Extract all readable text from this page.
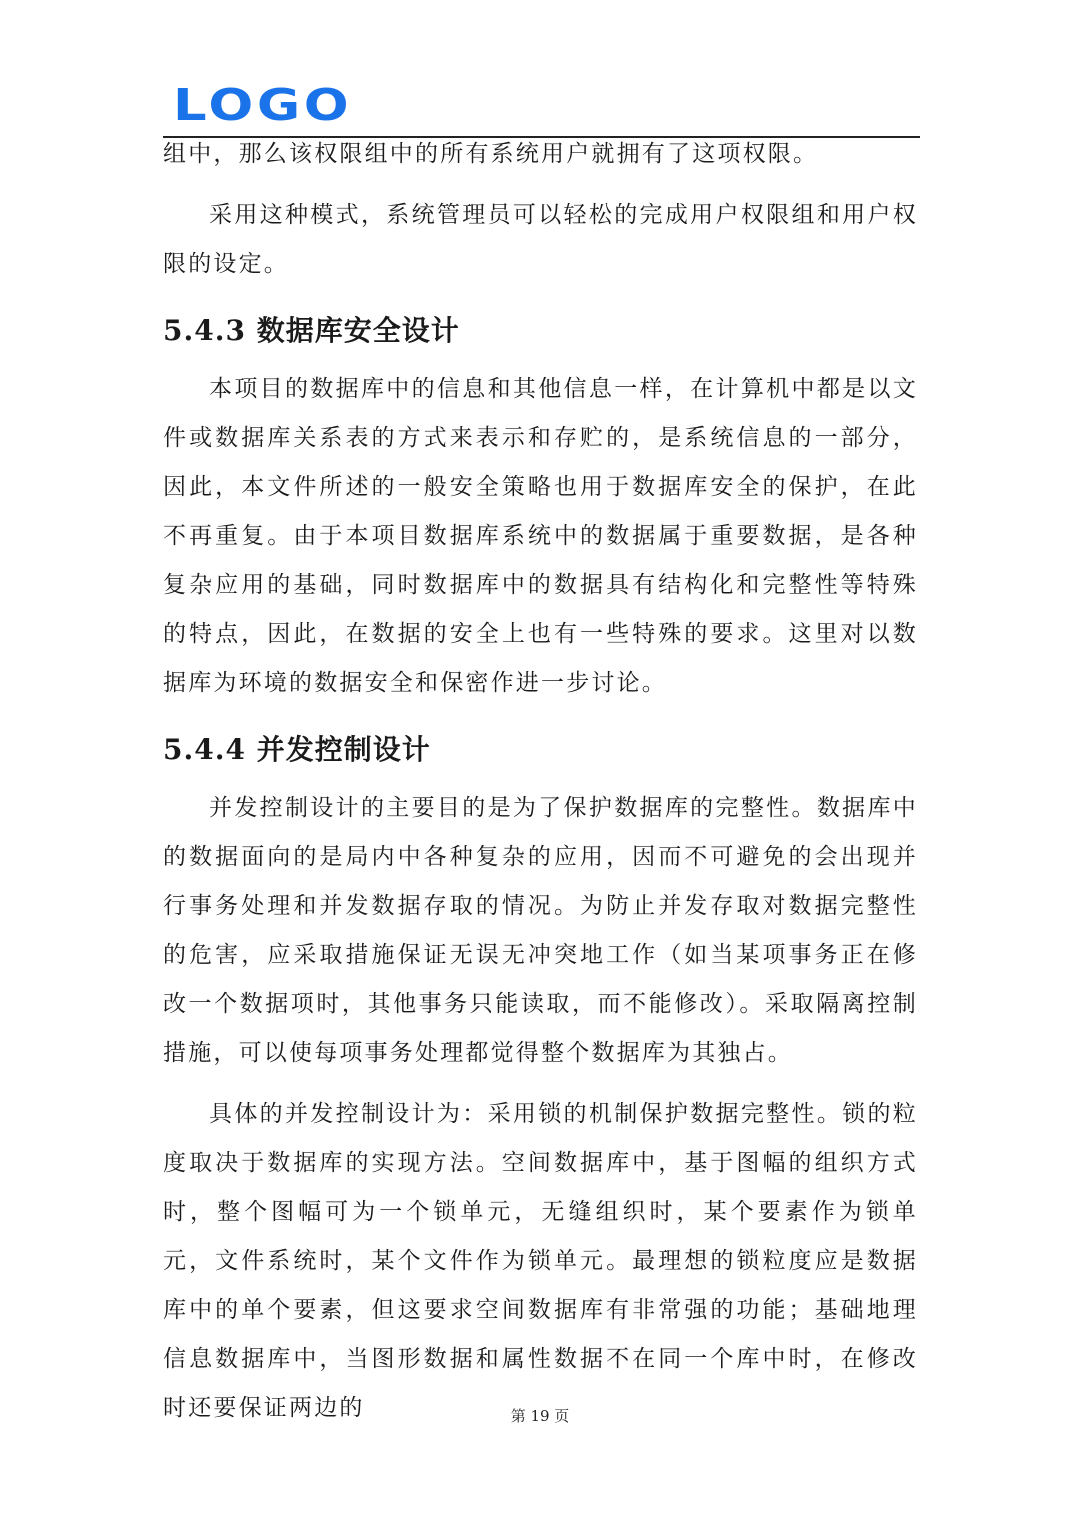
LOGO

组中，那么该权限组中的所有系统用户就拥有了这项权限。

采用这种模式，系统管理员可以轻松的完成用户权限组和用户权限的设定。

5.4.3 数据库安全设计

本项目的数据库中的信息和其他信息一样，在计算机中都是以文件或数据库关系表的方式来表示和存贮的，是系统信息的一部分，因此，本文件所述的一般安全策略也用于数据库安全的保护，在此不再重复。由于本项目数据库系统中的数据属于重要数据，是各种复杂应用的基础，同时数据库中的数据具有结构化和完整性等特殊的特点，因此，在数据的安全上也有一些特殊的要求。这里对以数据库为环境的数据安全和保密作进一步讨论。

5.4.4 并发控制设计

并发控制设计的主要目的是为了保护数据库的完整性。数据库中的数据面向的是局内中各种复杂的应用，因而不可避免的会出现并行事务处理和并发数据存取的情况。为防止并发存取对数据完整性的危害，应采取措施保证无误无冲突地工作（如当某项事务正在修改一个数据项时，其他事务只能读取，而不能修改）。采取隔离控制措施，可以使每项事务处理都觉得整个数据库为其独占。

具体的并发控制设计为：采用锁的机制保护数据完整性。锁的粒度取决于数据库的实现方法。空间数据库中，基于图幅的组织方式时，整个图幅可为一个锁单元，无缝组织时，某个要素作为锁单元，文件系统时，某个文件作为锁单元。最理想的锁粒度应是数据库中的单个要素，但这要求空间数据库有非常强的功能；基础地理信息数据库中，当图形数据和属性数据不在同一个库中时，在修改时还要保证两边的	第 19 页
